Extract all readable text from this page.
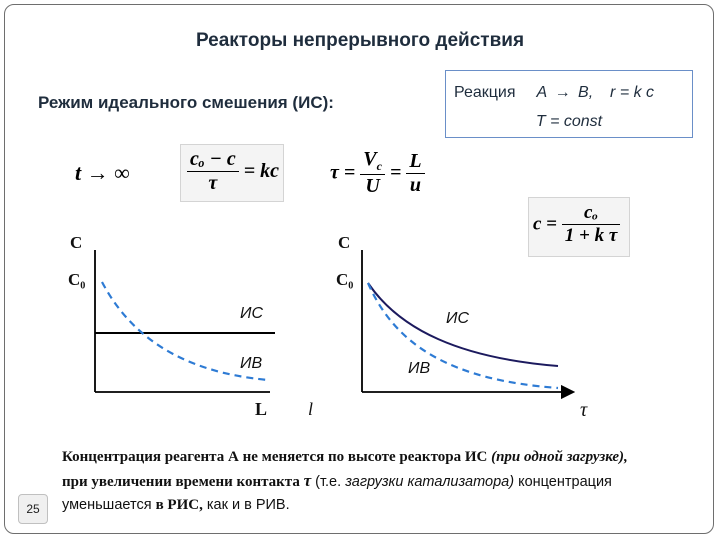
Реакторы непрерывного действия
Режим идеального смешения (ИС):
Реакция A → B, r = k c
T = const
t → ∞	$\frac{\text{cₒ − c}}{\tau}$ = kc	$\tau = \frac{V_c}{U} = \frac{L}{u}$
$c = \frac{\text{cₒ}}{\text{1 + k τ}}$
C
C₀
ИС
ИВ
L l
C
C₀
ИС
ИВ
τ
Концентрация реагента А не меняется по высоте реактора ИС (при одной загрузке),
при увеличении времени контакта τ (т.е. загрузки катализатора) концентрация
уменьшается в РИС, как и в РИВ.
25
